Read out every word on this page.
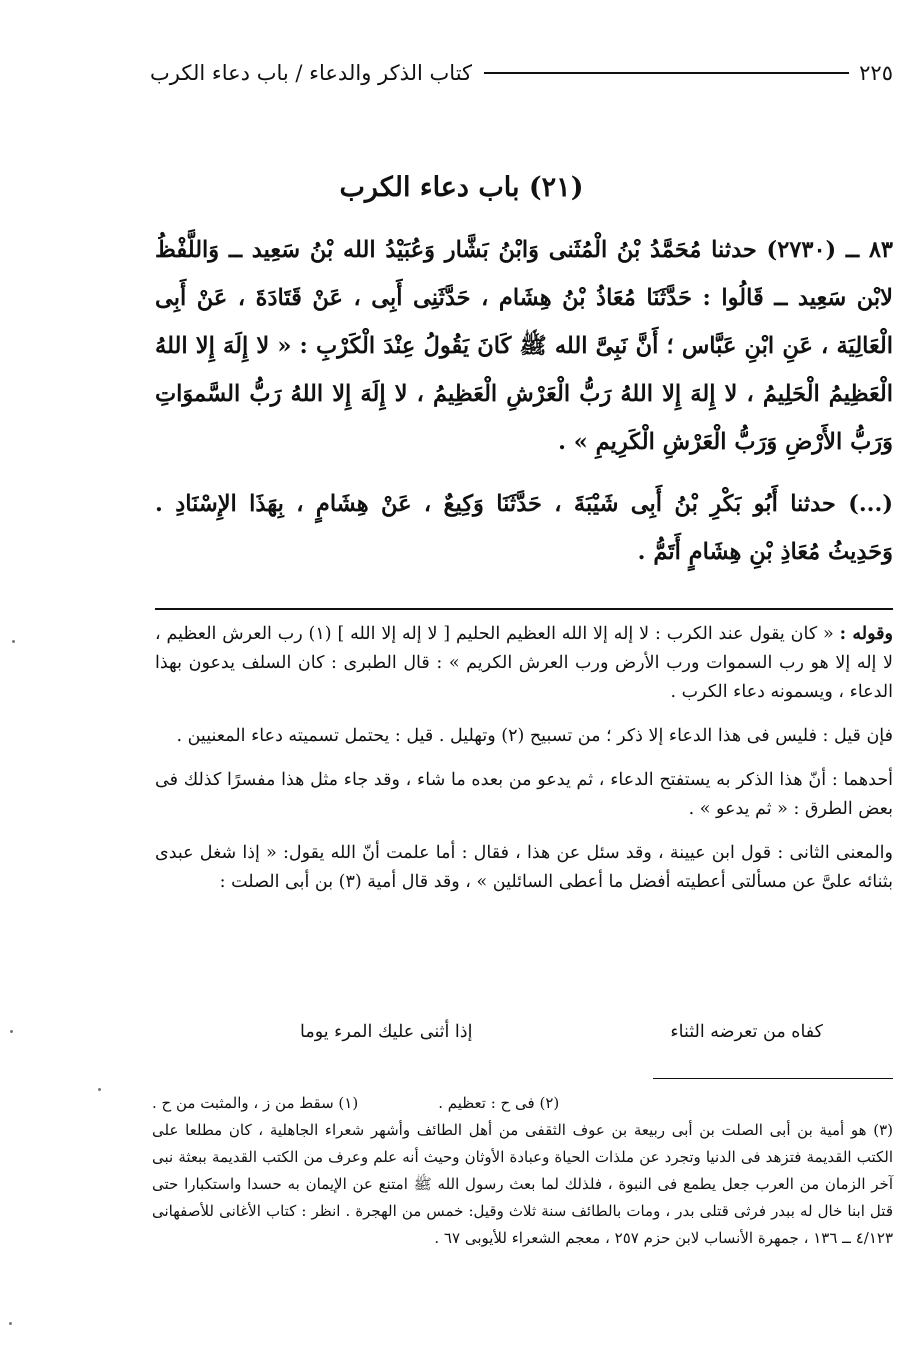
كتاب الذكر والدعاء / باب دعاء الكرب	٢٢٥
(٢١) باب دعاء الكرب

٨٣ ــ (٢٧٣٠) حدثنا مُحَمَّدُ بْنُ الْمُثَنى وَابْنُ بَشَّار وَعُبَيْدُ الله بْنُ سَعِيد ــ وَاللَّفْظُ لابْن سَعِيد ــ قَالُوا : حَدَّثَنَا مُعَاذُ بْنُ هِشَام ، حَدَّثَنِى أَبِى ، عَنْ قَتَادَةَ ، عَنْ أَبِى الْعَالِيَة ، عَنِ ابْنِ عَبَّاس ؛ أَنَّ نَبِىَّ الله ﷺ كَانَ يَقُولُ عِنْدَ الْكَرْبِ : « لا إِلَهَ إِلا اللهُ الْعَظِيمُ الْحَلِيمُ ، لا إِلهَ إِلا اللهُ رَبُّ الْعَرْشِ الْعَظِيمُ ، لا إِلَهَ إِلا اللهُ رَبُّ السَّموَاتِ وَرَبُّ الأَرْضِ وَرَبُّ الْعَرْشِ الْكَرِيمِ » .

(...) حدثنا أَبُو بَكْرِ بْنُ أَبِى شَيْبَةَ ، حَدَّثَنَا وَكِيعٌ ، عَنْ هِشَامٍ ، بِهَذَا الإِسْنَادِ . وَحَدِيثُ مُعَاذِ بْنِ هِشَامٍ أَتَمُّ .

وقوله : « كان يقول عند الكرب : لا إله إلا الله العظيم الحليم [ لا إله إلا الله ] (١) رب العرش العظيم ، لا إله إلا هو رب السموات ورب الأرض ورب العرش الكريم » : قال الطبرى : كان السلف يدعون بهذا الدعاء ، ويسمونه دعاء الكرب .

فإن قيل : فليس فى هذا الدعاء إلا ذكر ؛ من تسبيح (٢) وتهليل . قيل : يحتمل تسميته دعاء المعنيين .

أحدهما : أنّ هذا الذكر به يستفتح الدعاء ، ثم يدعو من بعده ما شاء ، وقد جاء مثل هذا مفسرًا كذلك فى بعض الطرق : « ثم يدعو » .

والمعنى الثانى : قول ابن عيينة ، وقد سئل عن هذا ، فقال : أما علمت أنّ الله يقول: « إذا شغل عبدى بثنائه علىَّ عن مسألتى أعطيته أفضل ما أعطى السائلين » ، وقد قال أمية (٣) بن أبى الصلت :

إذا أثنى عليك المرء يوما	كفاه من تعرضه الثناء
(١) سقط من ز ، والمثبت من ح .	(٢) فى ح : تعظيم .

(٣) هو أمية بن أبى الصلت بن أبى ربيعة بن عوف الثقفى من أهل الطائف وأشهر شعراء الجاهلية ، كان مطلعا على الكتب القديمة فتزهد فى الدنيا وتجرد عن ملذات الحياة وعبادة الأوثان وحيث أنه علم وعرف من الكتب القديمة ببعثة نبى آخر الزمان من العرب جعل يطمع فى النبوة ، فلذلك لما بعث رسول الله ﷺ امتنع عن الإيمان به حسدا واستكبارا حتى قتل ابنا خال له ببدر فرثى قتلى بدر ، ومات بالطائف سنة ثلاث وقيل: خمس من الهجرة . انظر : كتاب الأغانى للأصفهانى ٤/١٢٣ ــ ١٣٦ ، جمهرة الأنساب لابن حزم ٢٥٧ ، معجم الشعراء للأيوبى ٦٧ .
